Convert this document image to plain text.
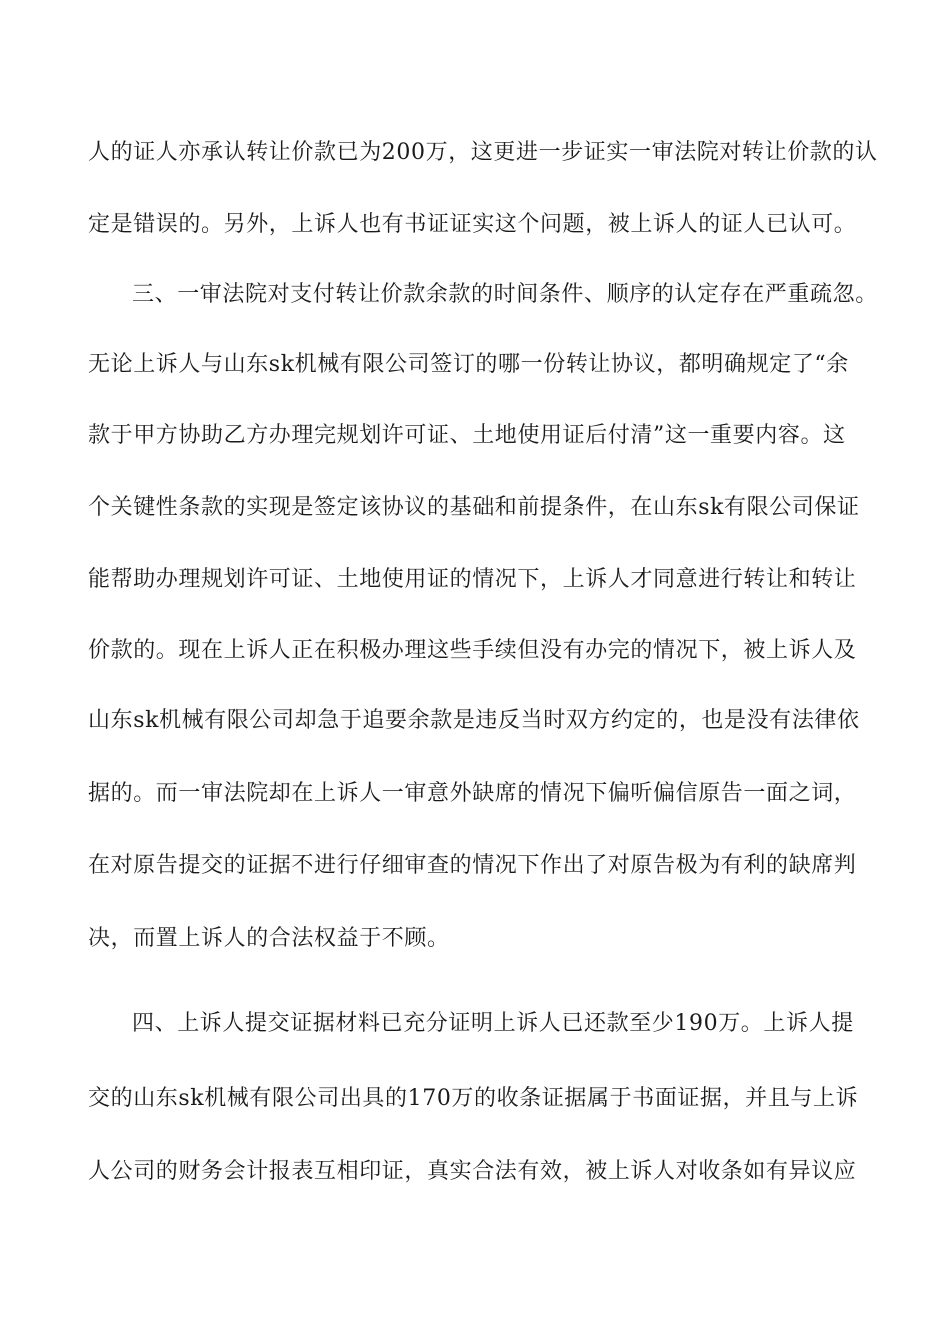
人的证人亦承认转让价款已为200万，这更进一步证实一审法院对转让价款的认
定是错误的。另外，上诉人也有书证证实这个问题，被上诉人的证人已认可。
三、一审法院对支付转让价款余款的时间条件、顺序的认定存在严重疏忽。
无论上诉人与山东sk机械有限公司签订的哪一份转让协议，都明确规定了“余
款于甲方协助乙方办理完规划许可证、土地使用证后付清”这一重要内容。这
个关键性条款的实现是签定该协议的基础和前提条件，在山东sk有限公司保证
能帮助办理规划许可证、土地使用证的情况下，上诉人才同意进行转让和转让
价款的。现在上诉人正在积极办理这些手续但没有办完的情况下，被上诉人及
山东sk机械有限公司却急于追要余款是违反当时双方约定的，也是没有法律依
据的。而一审法院却在上诉人一审意外缺席的情况下偏听偏信原告一面之词，
在对原告提交的证据不进行仔细审查的情况下作出了对原告极为有利的缺席判
决，而置上诉人的合法权益于不顾。
四、上诉人提交证据材料已充分证明上诉人已还款至少190万。上诉人提
交的山东sk机械有限公司出具的170万的收条证据属于书面证据，并且与上诉
人公司的财务会计报表互相印证，真实合法有效，被上诉人对收条如有异议应
